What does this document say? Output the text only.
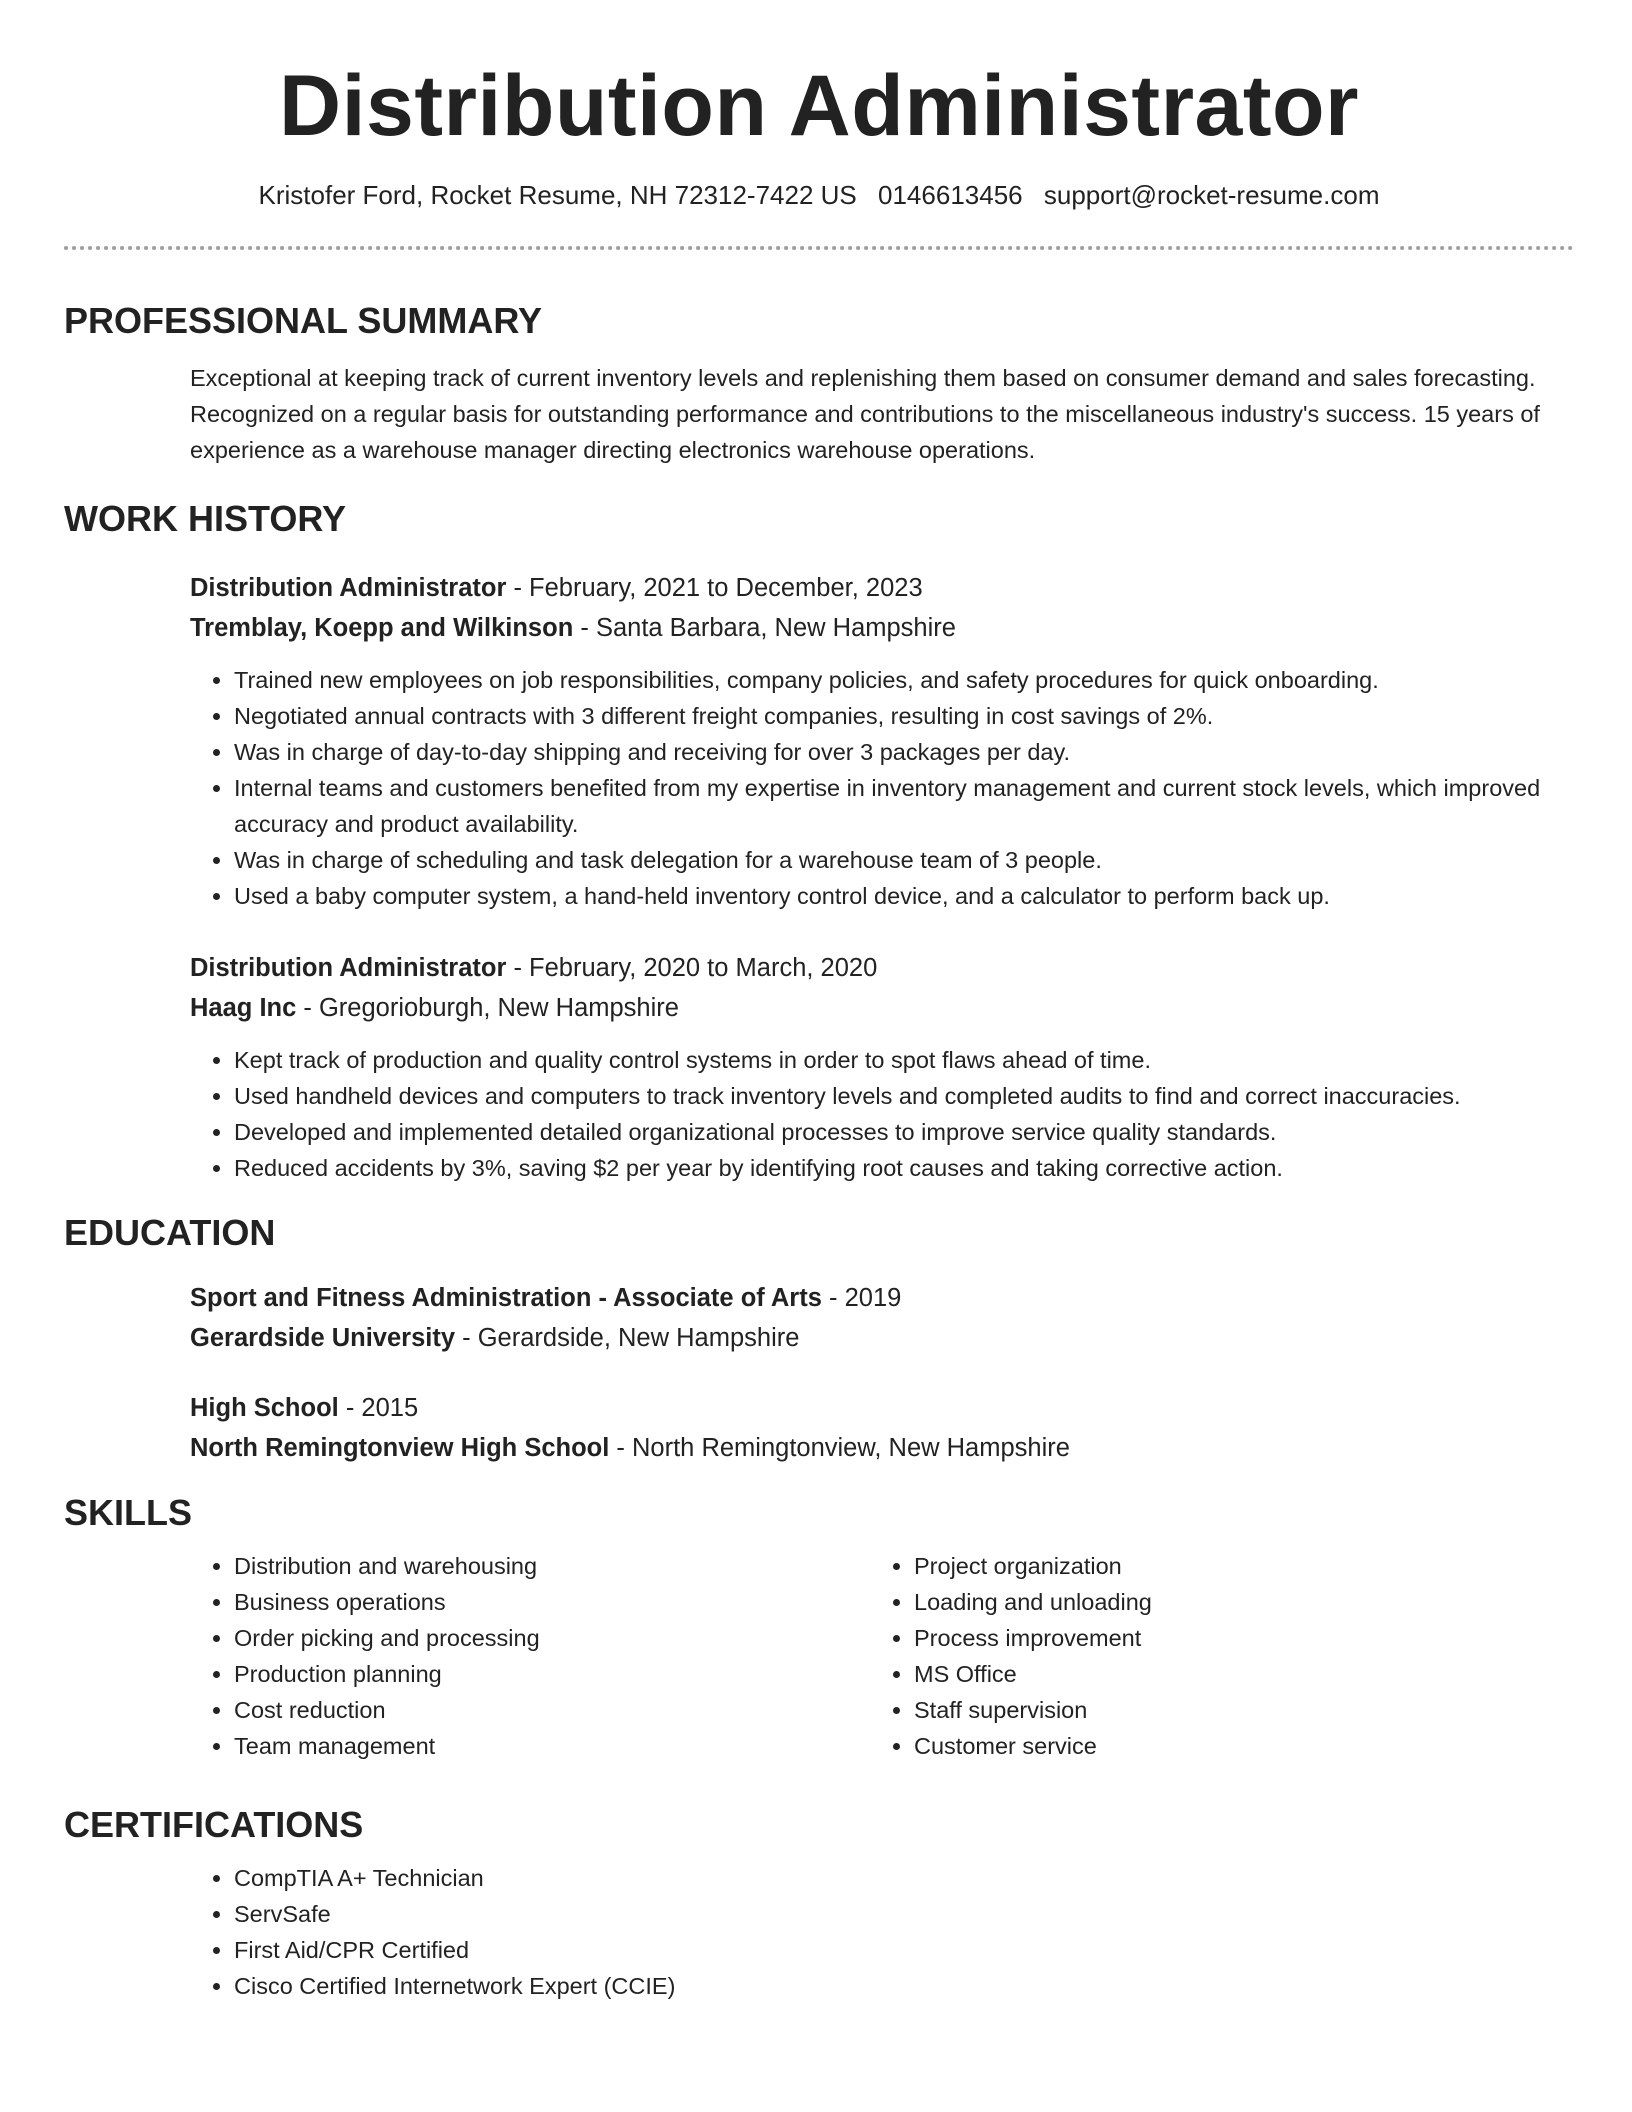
Distribution Administrator
Kristofer Ford, Rocket Resume, NH 72312-7422 US 0146613456 support@rocket-resume.com
PROFESSIONAL SUMMARY
Exceptional at keeping track of current inventory levels and replenishing them based on consumer demand and sales forecasting. Recognized on a regular basis for outstanding performance and contributions to the miscellaneous industry's success. 15 years of experience as a warehouse manager directing electronics warehouse operations.
WORK HISTORY
Distribution Administrator - February, 2021 to December, 2023
Tremblay, Koepp and Wilkinson - Santa Barbara, New Hampshire
• Trained new employees on job responsibilities, company policies, and safety procedures for quick onboarding.
• Negotiated annual contracts with 3 different freight companies, resulting in cost savings of 2%.
• Was in charge of day-to-day shipping and receiving for over 3 packages per day.
• Internal teams and customers benefited from my expertise in inventory management and current stock levels, which improved accuracy and product availability.
• Was in charge of scheduling and task delegation for a warehouse team of 3 people.
• Used a baby computer system, a hand-held inventory control device, and a calculator to perform back up.
Distribution Administrator - February, 2020 to March, 2020
Haag Inc - Gregorioburgh, New Hampshire
• Kept track of production and quality control systems in order to spot flaws ahead of time.
• Used handheld devices and computers to track inventory levels and completed audits to find and correct inaccuracies.
• Developed and implemented detailed organizational processes to improve service quality standards.
• Reduced accidents by 3%, saving $2 per year by identifying root causes and taking corrective action.
EDUCATION
Sport and Fitness Administration - Associate of Arts - 2019
Gerardside University - Gerardside, New Hampshire
High School - 2015
North Remingtonview High School - North Remingtonview, New Hampshire
SKILLS
• Distribution and warehousing
• Business operations
• Order picking and processing
• Production planning
• Cost reduction
• Team management
• Project organization
• Loading and unloading
• Process improvement
• MS Office
• Staff supervision
• Customer service
CERTIFICATIONS
• CompTIA A+ Technician
• ServSafe
• First Aid/CPR Certified
• Cisco Certified Internetwork Expert (CCIE)
